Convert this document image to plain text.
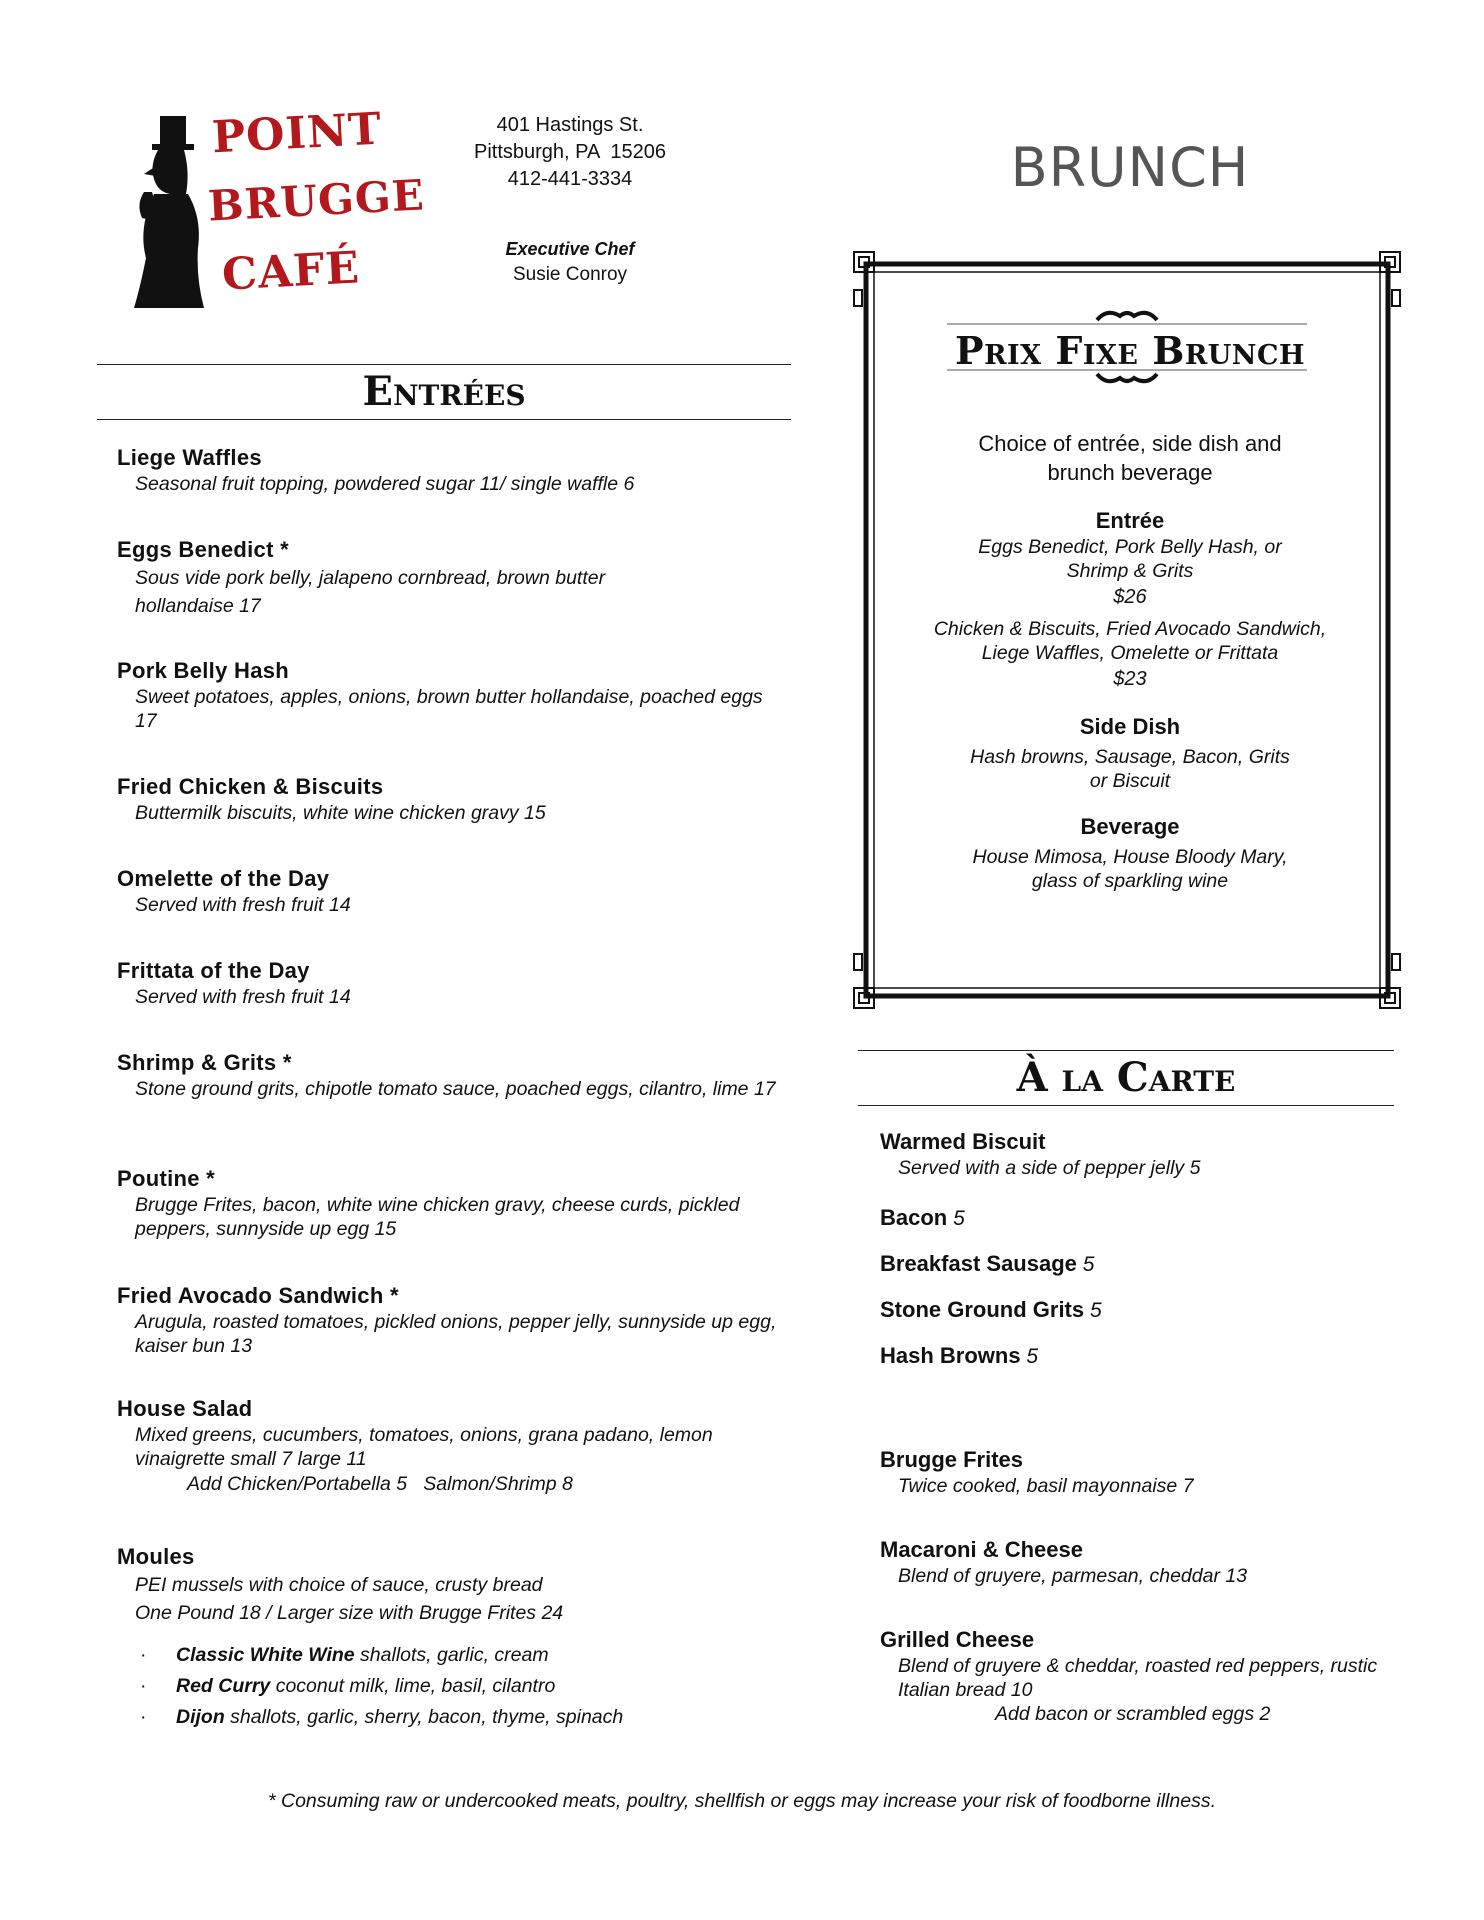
POINT
BRUGGE
CAFÉ
401 Hastings St.
Pittsburgh, PA  15206
412-441-3334
Executive Chef
Susie Conroy
BRUNCH
Entrées
Liege Waffles
Seasonal fruit topping, powdered sugar 11/ single waffle 6
Eggs Benedict *
Sous vide pork belly, jalapeno cornbread, brown butter hollandaise 17
Pork Belly Hash
Sweet potatoes, apples, onions, brown butter hollandaise, poached eggs 17
Fried Chicken & Biscuits
Buttermilk biscuits, white wine chicken gravy 15
Omelette of the Day
Served with fresh fruit 14
Frittata of the Day
Served with fresh fruit 14
Shrimp & Grits *
Stone ground grits, chipotle tomato sauce, poached eggs, cilantro, lime 17
Poutine *
Brugge Frites, bacon, white wine chicken gravy, cheese curds, pickled peppers, sunnyside up egg 15
Fried Avocado Sandwich *
Arugula, roasted tomatoes, pickled onions, pepper jelly, sunnyside up egg, kaiser bun 13
House Salad
Mixed greens, cucumbers, tomatoes, onions, grana padano, lemon vinaigrette small 7 large 11
Add Chicken/Portabella 5   Salmon/Shrimp 8
Moules
PEI mussels with choice of sauce, crusty bread
One Pound 18 / Larger size with Brugge Frites 24
· Classic White Wine shallots, garlic, cream
· Red Curry coconut milk, lime, basil, cilantro
· Dijon shallots, garlic, sherry, bacon, thyme, spinach
Prix Fixe Brunch
Choice of entrée, side dish and brunch beverage
Entrée
Eggs Benedict, Pork Belly Hash, or Shrimp & Grits
$26
Chicken & Biscuits, Fried Avocado Sandwich, Liege Waffles, Omelette or Frittata
$23
Side Dish
Hash browns, Sausage, Bacon, Grits or Biscuit
Beverage
House Mimosa, House Bloody Mary, glass of sparkling wine
À la Carte
Warmed Biscuit
Served with a side of pepper jelly 5
Bacon 5
Breakfast Sausage 5
Stone Ground Grits 5
Hash Browns 5
Brugge Frites
Twice cooked, basil mayonnaise 7
Macaroni & Cheese
Blend of gruyere, parmesan, cheddar 13
Grilled Cheese
Blend of gruyere & cheddar, roasted red peppers, rustic Italian bread 10
Add bacon or scrambled eggs 2
* Consuming raw or undercooked meats, poultry, shellfish or eggs may increase your risk of foodborne illness.
